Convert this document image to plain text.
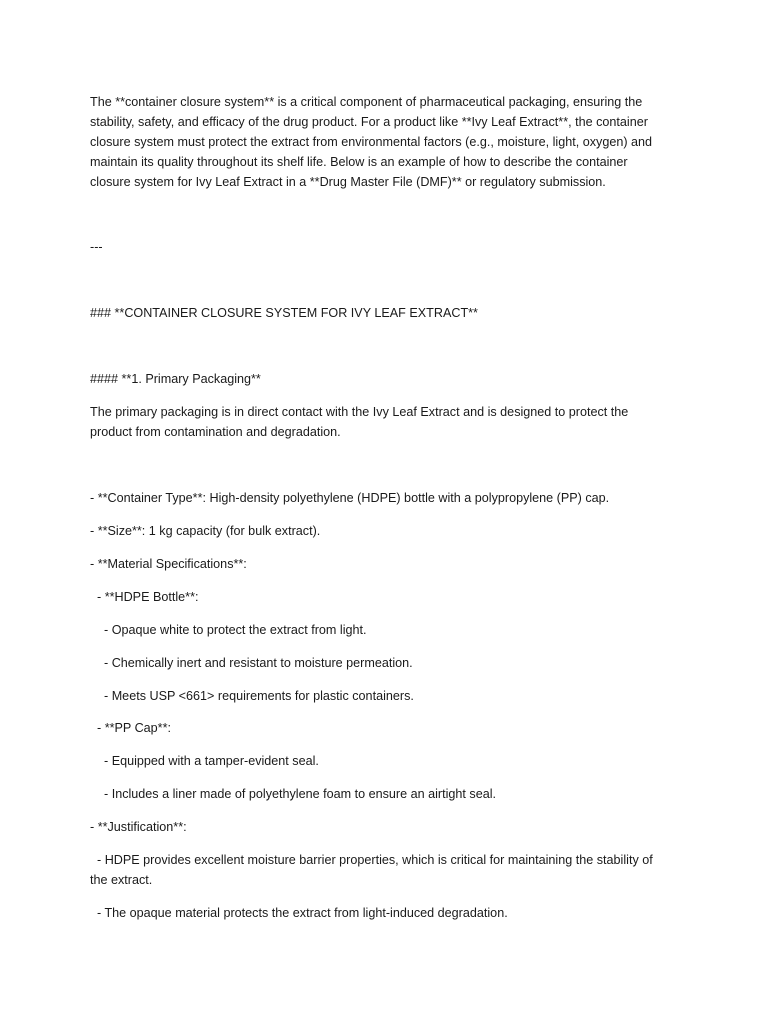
The **container closure system** is a critical component of pharmaceutical packaging, ensuring the stability, safety, and efficacy of the drug product. For a product like **Ivy Leaf Extract**, the container closure system must protect the extract from environmental factors (e.g., moisture, light, oxygen) and maintain its quality throughout its shelf life. Below is an example of how to describe the container closure system for Ivy Leaf Extract in a **Drug Master File (DMF)** or regulatory submission.

---

### **CONTAINER CLOSURE SYSTEM FOR IVY LEAF EXTRACT**

#### **1. Primary Packaging**

The primary packaging is in direct contact with the Ivy Leaf Extract and is designed to protect the product from contamination and degradation.

- **Container Type**: High-density polyethylene (HDPE) bottle with a polypropylene (PP) cap.

- **Size**: 1 kg capacity (for bulk extract).

- **Material Specifications**:

- **HDPE Bottle**:

- Opaque white to protect the extract from light.

- Chemically inert and resistant to moisture permeation.

- Meets USP <661> requirements for plastic containers.

- **PP Cap**:

- Equipped with a tamper-evident seal.

- Includes a liner made of polyethylene foam to ensure an airtight seal.

- **Justification**:

- HDPE provides excellent moisture barrier properties, which is critical for maintaining the stability of the extract.

- The opaque material protects the extract from light-induced degradation.
